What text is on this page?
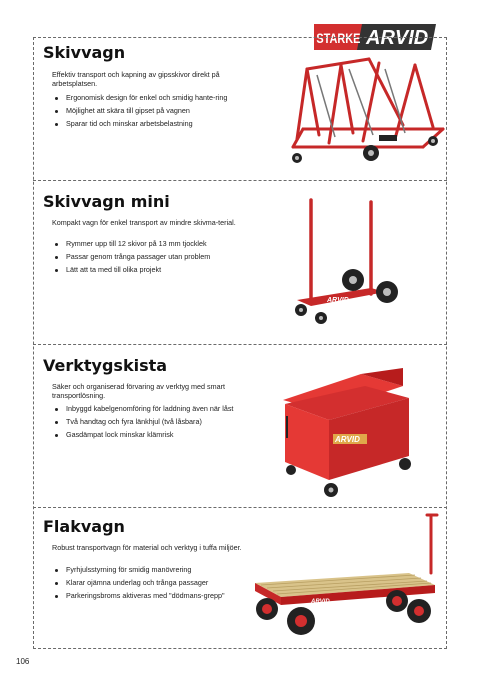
STARKE ARVID
Skivvagn

Effektiv transport och kapning av gipsskivor direkt på arbetsplatsen.

Ergonomisk design för enkel och smidig hante-ring
Möjlighet att skära till gipset på vagnen
Sparar tid och minskar arbetsbelastning
Skivvagn mini

Kompakt vagn för enkel transport av mindre skivma-terial.

Rymmer upp till 12 skivor på 13 mm tjocklek
Passar genom trånga passager utan problem
Lätt att ta med till olika projekt
ARVID
Verktygskista

Säker och organiserad förvaring av verktyg med smart transportlösning.

Inbyggd kabelgenomföring för laddning även när låst
Två handtag och fyra länkhjul (två låsbara)
Gasdämpat lock minskar klämrisk
ARVID
Flakvagn

Robust transportvagn för material och verktyg i tuffa miljöer.

Fyrhjulsstyrning för smidig manövrering
Klarar ojämna underlag och trånga passager
Parkeringsbroms aktiveras med "dödmans-grepp"
ARVID
106
